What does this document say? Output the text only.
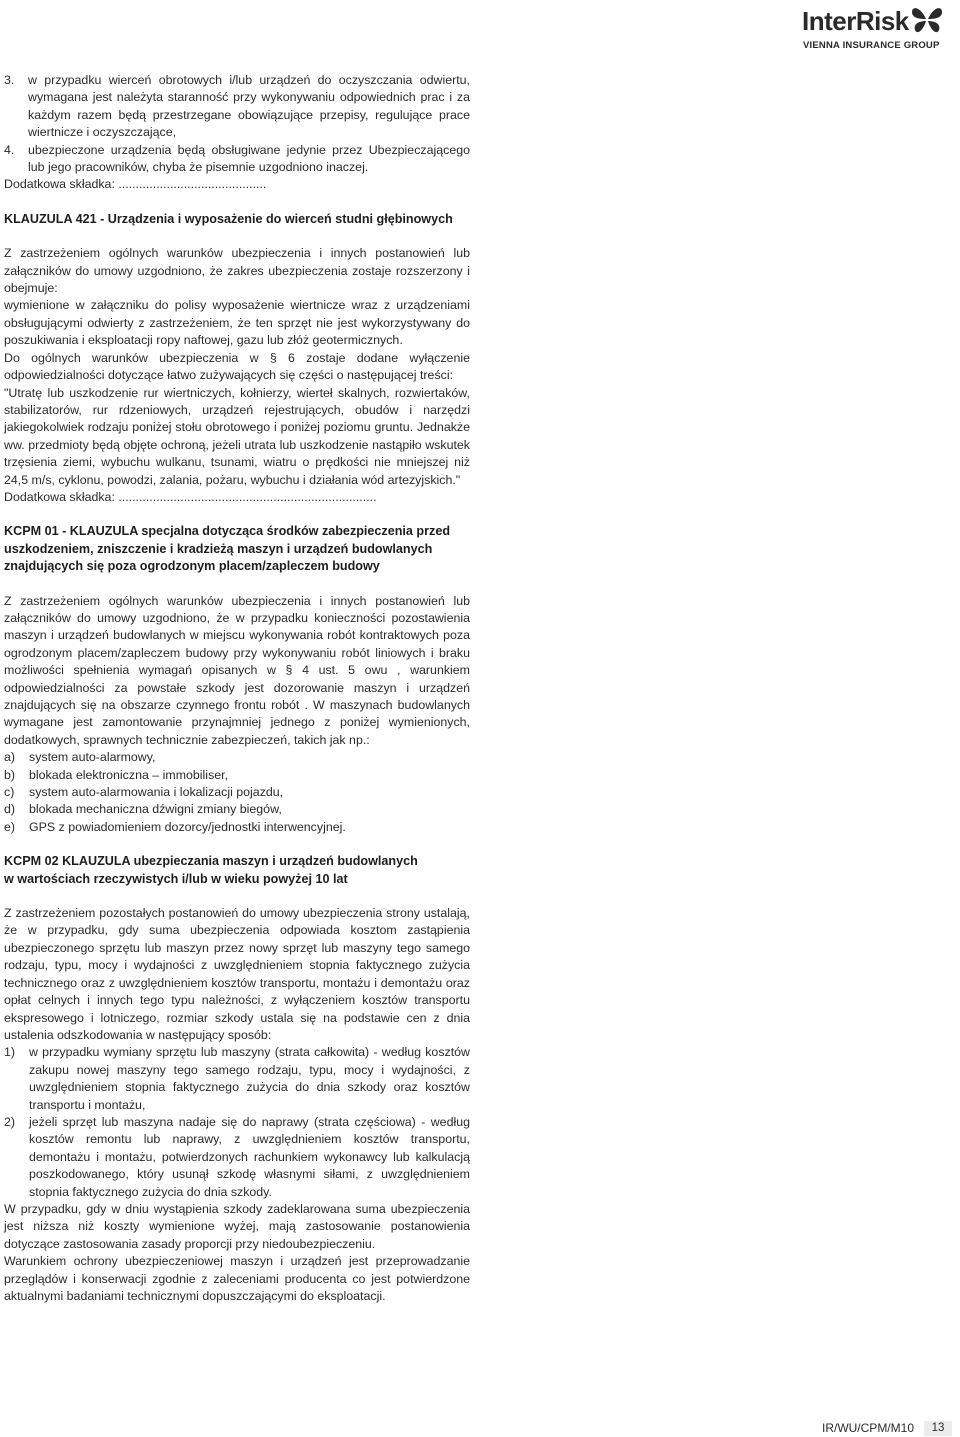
InterRisk
VIENNA INSURANCE GROUP
3. w przypadku wierceń obrotowych i/lub urządzeń do oczyszczania odwiertu, wymagana jest należyta staranność przy wykonywaniu odpowiednich prac i za każdym razem będą przestrzegane obowiązujące przepisy, regulujące prace wiertnicze i oczyszczające,
4. ubezpieczone urządzenia będą obsługiwane jedynie przez Ubezpieczającego lub jego pracowników, chyba że pisemnie uzgodniono inaczej.

Dodatkowa składka: ...........................................

KLAUZULA 421 - Urządzenia i wyposażenie do wierceń studni głębinowych

Z zastrzeżeniem ogólnych warunków ubezpieczenia i innych postanowień lub załączników do umowy uzgodniono, że zakres ubezpieczenia zostaje rozszerzony i obejmuje:

wymienione w załączniku do polisy wyposażenie wiertnicze wraz z urządzeniami obsługującymi odwierty z zastrzeżeniem, że ten sprzęt nie jest wykorzystywany do poszukiwania i eksploatacji ropy naftowej, gazu lub złóż geotermicznych.

Do ogólnych warunków ubezpieczenia w § 6 zostaje dodane wyłączenie odpowiedzialności dotyczące łatwo zużywających się części o następującej treści:

"Utratę lub uszkodzenie rur wiertniczych, kołnierzy, wierteł skalnych, rozwiertaków, stabilizatorów, rur rdzeniowych, urządzeń rejestrujących, obudów i narzędzi jakiegokolwiek rodzaju poniżej stołu obrotowego i poniżej poziomu gruntu. Jednakże ww. przedmioty będą objęte ochroną, jeżeli utrata lub uszkodzenie nastąpiło wskutek trzęsienia ziemi, wybuchu wulkanu, tsunami, wiatru o prędkości nie mniejszej niż 24,5 m/s, cyklonu, powodzi, zalania, pożaru, wybuchu i działania wód artezyjskich."

Dodatkowa składka: ...........................................................................

KCPM 01 - KLAUZULA specjalna dotycząca środków zabezpieczenia przed uszkodzeniem, zniszczenie i kradzieżą maszyn i urządzeń budowlanych znajdujących się poza ogrodzonym placem/zapleczem budowy

Z zastrzeżeniem ogólnych warunków ubezpieczenia i innych postanowień lub załączników do umowy uzgodniono, że w przypadku konieczności pozostawienia maszyn i urządzeń budowlanych w miejscu wykonywania robót kontraktowych poza ogrodzonym placem/zapleczem budowy przy wykonywaniu robót liniowych i braku możliwości spełnienia wymagań opisanych w § 4 ust. 5 owu , warunkiem odpowiedzialności za powstałe szkody jest dozorowanie maszyn i urządzeń znajdujących się na obszarze czynnego frontu robót . W maszynach budowlanych wymagane jest zamontowanie przynajmniej jednego z poniżej wymienionych, dodatkowych, sprawnych technicznie zabezpieczeń, takich jak np.:

a) system auto-alarmowy,
b) blokada elektroniczna – immobiliser,
c) system auto-alarmowania i lokalizacji pojazdu,
d) blokada mechaniczna dźwigni zmiany biegów,
e) GPS z powiadomieniem dozorcy/jednostki interwencyjnej.
KCPM 02 KLAUZULA ubezpieczania maszyn i urządzeń budowlanych
w wartościach rzeczywistych i/lub w wieku powyżej 10 lat

Z zastrzeżeniem pozostałych postanowień do umowy ubezpieczenia strony ustalają, że w przypadku, gdy suma ubezpieczenia odpowiada kosztom zastąpienia ubezpieczonego sprzętu lub maszyn przez nowy sprzęt lub maszyny tego samego rodzaju, typu, mocy i wydajności z uwzględnieniem stopnia faktycznego zużycia technicznego oraz z uwzględnieniem kosztów transportu, montażu i demontażu oraz opłat celnych i innych tego typu należności, z wyłączeniem kosztów transportu ekspresowego i lotniczego, rozmiar szkody ustala się na podstawie cen z dnia ustalenia odszkodowania w następujący sposób:

1) w przypadku wymiany sprzętu lub maszyny (strata całkowita) - według kosztów zakupu nowej maszyny tego samego rodzaju, typu, mocy i wydajności, z uwzględnieniem stopnia faktycznego zużycia do dnia szkody oraz kosztów transportu i montażu,
2) jeżeli sprzęt lub maszyna nadaje się do naprawy (strata częściowa) - według kosztów remontu lub naprawy, z uwzględnieniem kosztów transportu, demontażu i montażu, potwierdzonych rachunkiem wykonawcy lub kalkulacją poszkodowanego, który usunął szkodę własnymi siłami, z uwzględnieniem stopnia faktycznego zużycia do dnia szkody.

W przypadku, gdy w dniu wystąpienia szkody zadeklarowana suma ubezpieczenia jest niższa niż koszty wymienione wyżej, mają zastosowanie postanowienia dotyczące zastosowania zasady proporcji przy niedoubezpieczeniu.

Warunkiem ochrony ubezpieczeniowej maszyn i urządzeń jest przeprowadzanie przeglądów i konserwacji zgodnie z zaleceniami producenta co jest potwierdzone aktualnymi badaniami technicznymi dopuszczającymi do eksploatacji.

IR/WU/CPM/M10	13
